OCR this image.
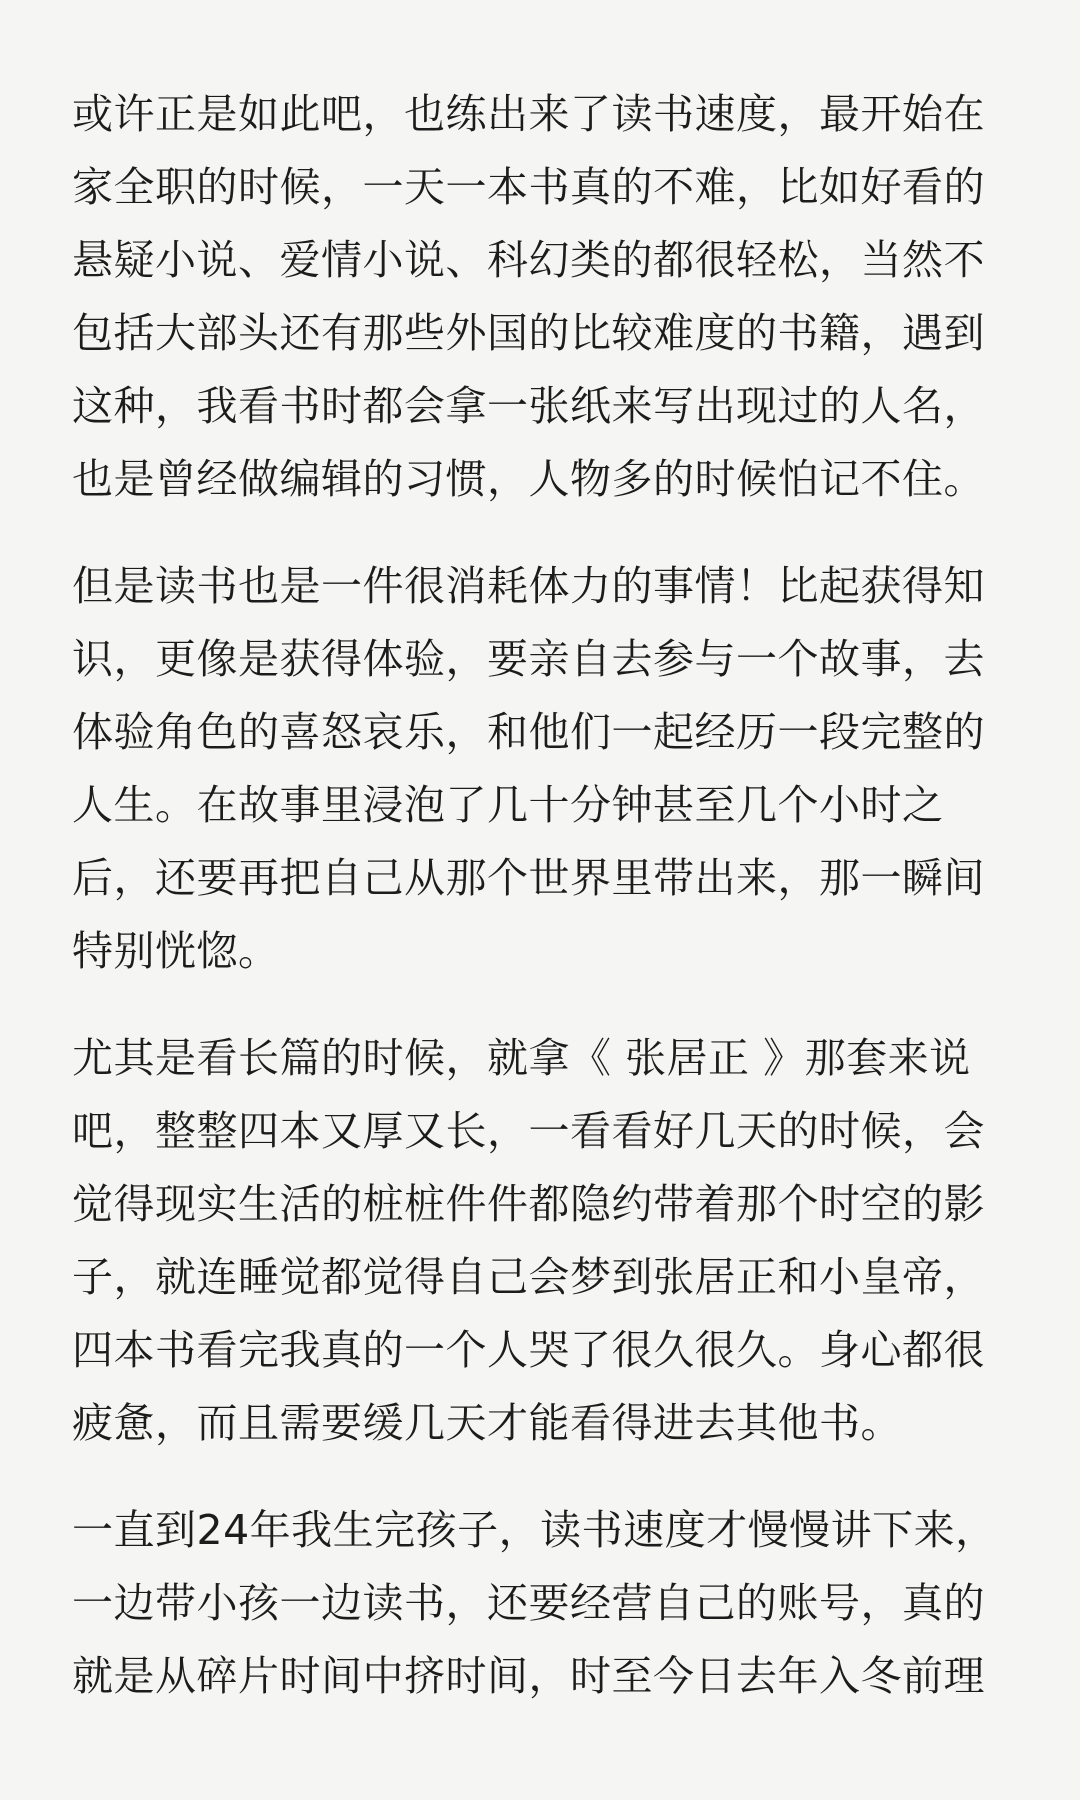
或许正是如此吧，也练出来了读书速度，最开始在
家全职的时候，一天一本书真的不难，比如好看的
悬疑小说、爱情小说、科幻类的都很轻松，当然不
包括大部头还有那些外国的比较难度的书籍，遇到
这种，我看书时都会拿一张纸来写出现过的人名，
也是曾经做编辑的习惯，人物多的时候怕记不住。

但是读书也是一件很消耗体力的事情！比起获得知
识，更像是获得体验，要亲自去参与一个故事，去
体验角色的喜怒哀乐，和他们一起经历一段完整的
人生。在故事里浸泡了几十分钟甚至几个小时之
后，还要再把自己从那个世界里带出来，那一瞬间
特别恍惚。

尤其是看长篇的时候，就拿《 张居正 》那套来说
吧，整整四本又厚又长，一看看好几天的时候，会
觉得现实生活的桩桩件件都隐约带着那个时空的影
子，就连睡觉都觉得自己会梦到张居正和小皇帝，
四本书看完我真的一个人哭了很久很久。身心都很
疲惫，而且需要缓几天才能看得进去其他书。

一直到24年我生完孩子，读书速度才慢慢讲下来，
一边带小孩一边读书，还要经营自己的账号，真的
就是从碎片时间中挤时间，时至今日去年入冬前理
